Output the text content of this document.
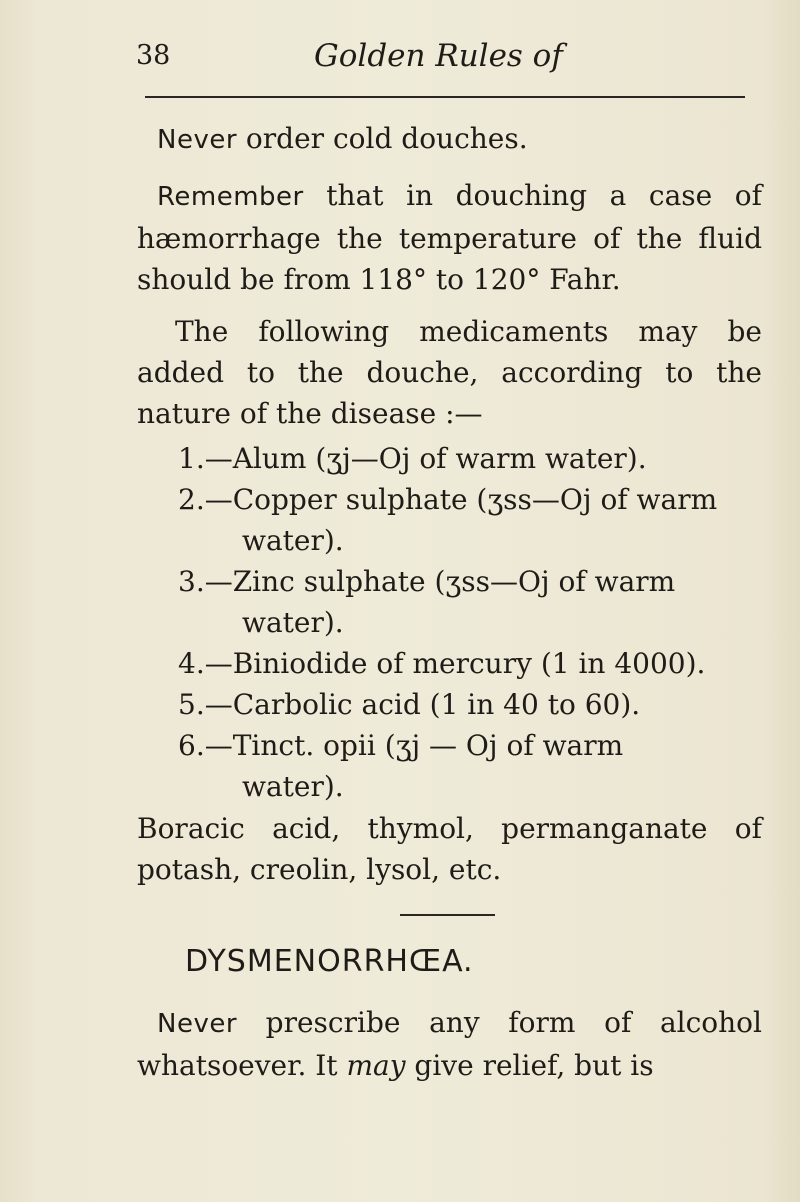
38	Golden Rules of

Never order cold douches.

Remember that in douching a case of hæmorrhage the temperature of the fluid should be from 118° to 120° Fahr.

The following medicaments may be added to the douche, according to the nature of the disease :—

1.—Alum (ʒj—Oj of warm water).

2.—Copper sulphate (ʒss—Oj of warm

water).

3.—Zinc sulphate (ʒss—Oj of warm

water).

4.—Biniodide of mercury (1 in 4000).

5.—Carbolic acid (1 in 40 to 60).

6.—Tinct. opii (ʒj — Oj of warm

water).

Boracic acid, thymol, permanganate of potash, creolin, lysol, etc.

DYSMENORRHŒA.

Never prescribe any form of alcohol whatsoever. It may give relief, but is
